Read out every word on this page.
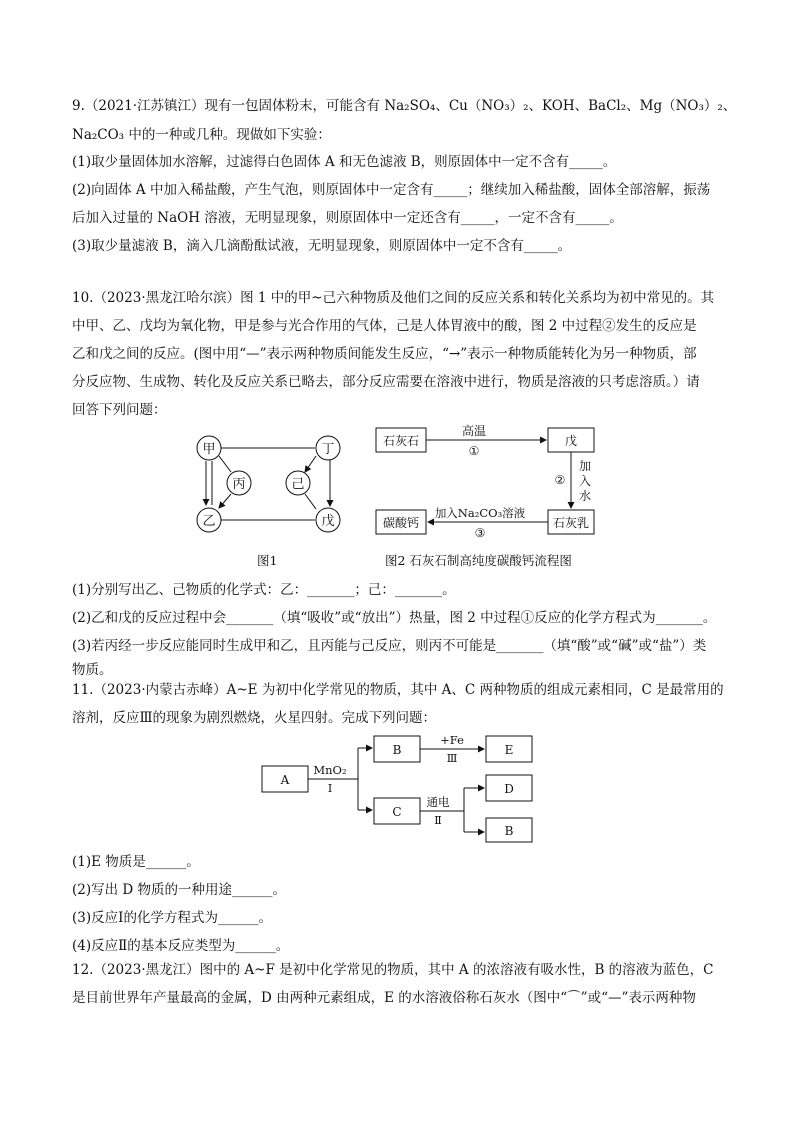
9.（2021·江苏镇江）现有一包固体粉末，可能含有 Na₂SO₄、Cu（NO₃）₂、KOH、BaCl₂、Mg（NO₃）₂、
Na₂CO₃ 中的一种或几种。现做如下实验：
(1)取少量固体加水溶解，过滤得白色固体 A 和无色滤液 B，则原固体中一定不含有_____。
(2)向固体 A 中加入稀盐酸，产生气泡，则原固体中一定含有_____；继续加入稀盐酸，固体全部溶解，振荡
后加入过量的 NaOH 溶液，无明显现象，则原固体中一定还含有_____，一定不含有_____。
(3)取少量滤液 B，滴入几滴酚酞试液，无明显现象，则原固体中一定不含有_____。
10.（2023·黑龙江哈尔滨）图 1 中的甲~己六种物质及他们之间的反应关系和转化关系均为初中常见的。其
中甲、乙、戊均为氧化物，甲是参与光合作用的气体，己是人体胃液中的酸，图 2 中过程②发生的反应是
乙和戊之间的反应。(图中用“—”表示两种物质间能发生反应，“→”表示一种物质能转化为另一种物质，部
分反应物、生成物、转化及反应关系已略去，部分反应需要在溶液中进行，物质是溶液的只考虑溶质。）请
回答下列问题：
甲
丙
乙
丁
己
戊
图1
石灰石	戊
石灰乳
碳酸钙
高温
①
②
加
入
水
加入Na₂CO₃溶液
③
图2 石灰石制高纯度碳酸钙流程图
(1)分别写出乙、己物质的化学式：乙：_______；己：_______。
(2)乙和戊的反应过程中会_______（填“吸收”或“放出”）热量，图 2 中过程①反应的化学方程式为_______。
(3)若丙经一步反应能同时生成甲和乙，且丙能与己反应，则丙不可能是_______（填“酸”或“碱”或“盐”）类
物质。
11.（2023·内蒙古赤峰）A~E 为初中化学常见的物质，其中 A、C 两种物质的组成元素相同，C 是最常用的
溶剂，反应Ⅲ的现象为剧烈燃烧，火星四射。完成下列问题：
A
MnO₂
Ⅰ
B
C
+Fe
Ⅲ
E
通电
Ⅱ
D
B
(1)E 物质是______。
(2)写出 D 物质的一种用途______。
(3)反应Ⅰ的化学方程式为______。
(4)反应Ⅱ的基本反应类型为______。
12.（2023·黑龙江）图中的 A~F 是初中化学常见的物质，其中 A 的浓溶液有吸水性，B 的溶液为蓝色，C
是目前世界年产量最高的金属，D 由两种元素组成，E 的水溶液俗称石灰水（图中“⌒”或“—”表示两种物
